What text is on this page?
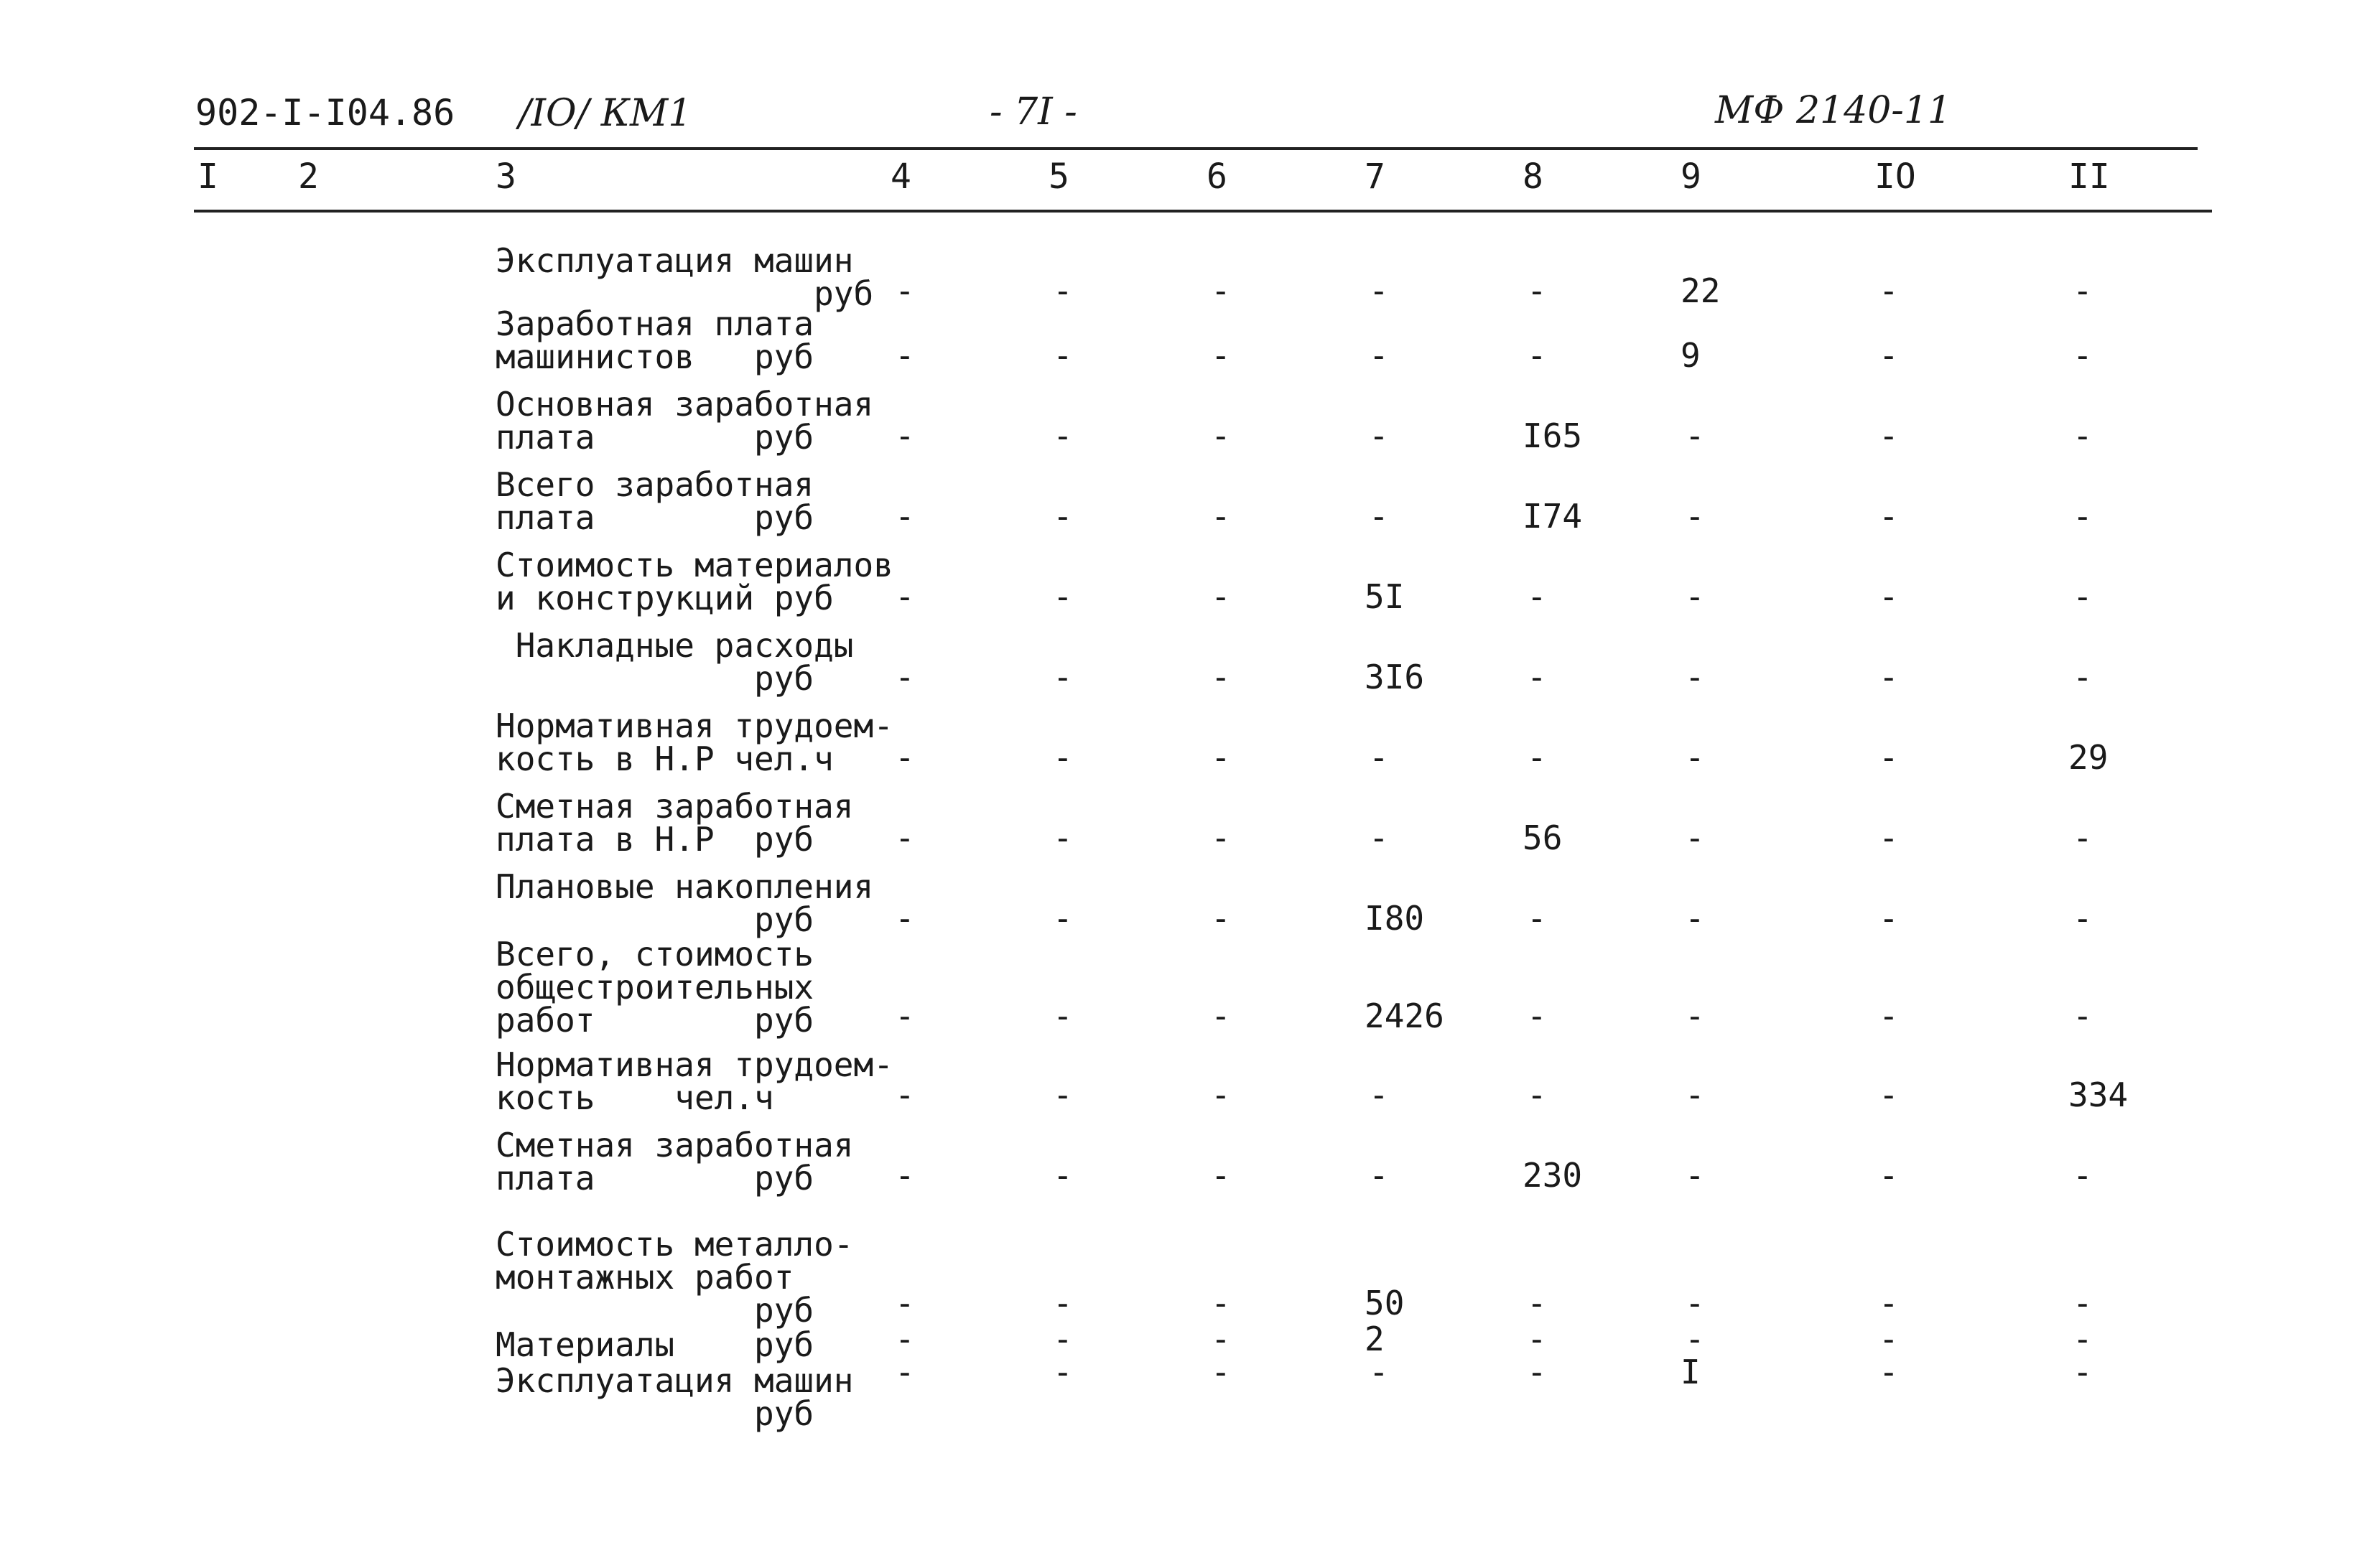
902-I-I04.86 /IO/ КМ1	- 7I -	МФ 2140-11
I 2	3	4	5	6	7	8	9	IO	II
Эксплуатация машин
руб -	-	-	-	-	22	-	-
Заработная плата
машинистов   руб -	-	-	-	-	9	-	-
Основная заработная
плата        руб -	-	-	-	I65	-	-	-
Всего заработная
плата        руб -	-	-	-	I74	-	-	-
Стоимость материалов
и конструкций руб -	-	-	5I	-	-	-	-
Накладные расходы
руб -	-	-	3I6	-	-	-	-
Нормативная трудоем-
кость в Н.Р чел.ч -	-	-	-	-	-	-	29
Сметная заработная
плата в Н.Р  руб -	-	-	-	56	-	-	-
Плановые накопления
руб -	-	-	I80	-	-	-	-
Всего, стоимость
общестроительных
работ        руб -	-	-	2426	-	-	-	-
Нормативная трудоем-
кость    чел.ч	-	-	-	-	-	-	-	334
Сметная заработная
плата        руб -	-	-	-	230	-	-	-
Стоимость металло-
монтажных работ
руб -	-	-	50	-	-	-	-
Материалы    руб -	-	-	2	-	-	-	-
Эксплуатация машин
руб
-	-	-	-	-	I	-	-
